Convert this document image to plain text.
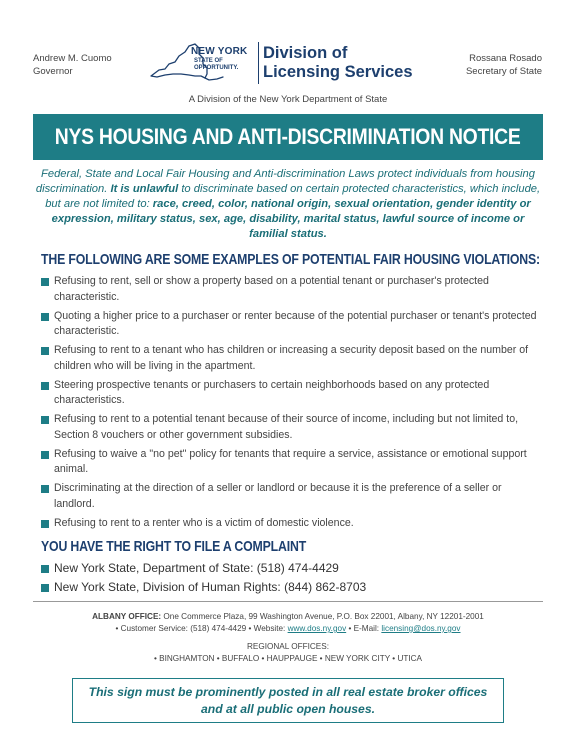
Andrew M. Cuomo
Governor
NEW YORK
STATE OF
OPPORTUNITY.
Division of
Licensing Services
Rossana Rosado
Secretary of State
A Division of the New York Department of State
NYS HOUSING AND ANTI-DISCRIMINATION NOTICE

Federal, State and Local Fair Housing and Anti-discrimination Laws protect individuals from housing discrimination. It is unlawful to discriminate based on certain protected characteristics, which include, but are not limited to: race, creed, color, national origin, sexual orientation, gender identity or expression, military status, sex, age, disability, marital status, lawful source of income or familial status.

THE FOLLOWING ARE SOME EXAMPLES OF POTENTIAL FAIR HOUSING VIOLATIONS:
Refusing to rent, sell or show a property based on a potential tenant or purchaser's protected characteristic.
Quoting a higher price to a purchaser or renter because of the potential purchaser or tenant's protected characteristic.
Refusing to rent to a tenant who has children or increasing a security deposit based on the number of children who will be living in the apartment.
Steering prospective tenants or purchasers to certain neighborhoods based on any protected characteristics.
Refusing to rent to a potential tenant because of their source of income, including but not limited to, Section 8 vouchers or other government subsidies.
Refusing to waive a "no pet" policy for tenants that require a service, assistance or emotional support animal.
Discriminating at the direction of a seller or landlord or because it is the preference of a seller or landlord.
Refusing to rent to a renter who is a victim of domestic violence.
YOU HAVE THE RIGHT TO FILE A COMPLAINT
New York State, Department of State: (518) 474-4429
New York State, Division of Human Rights: (844) 862-8703
ALBANY OFFICE: One Commerce Plaza, 99 Washington Avenue, P.O. Box 22001, Albany, NY 12201-2001
• Customer Service: (518) 474-4429 • Website: www.dos.ny.gov • E-Mail: licensing@dos.ny.gov
REGIONAL OFFICES:
• BINGHAMTON • BUFFALO • HAUPPAUGE • NEW YORK CITY • UTICA
This sign must be prominently posted in all real estate broker offices
and at all public open houses.
